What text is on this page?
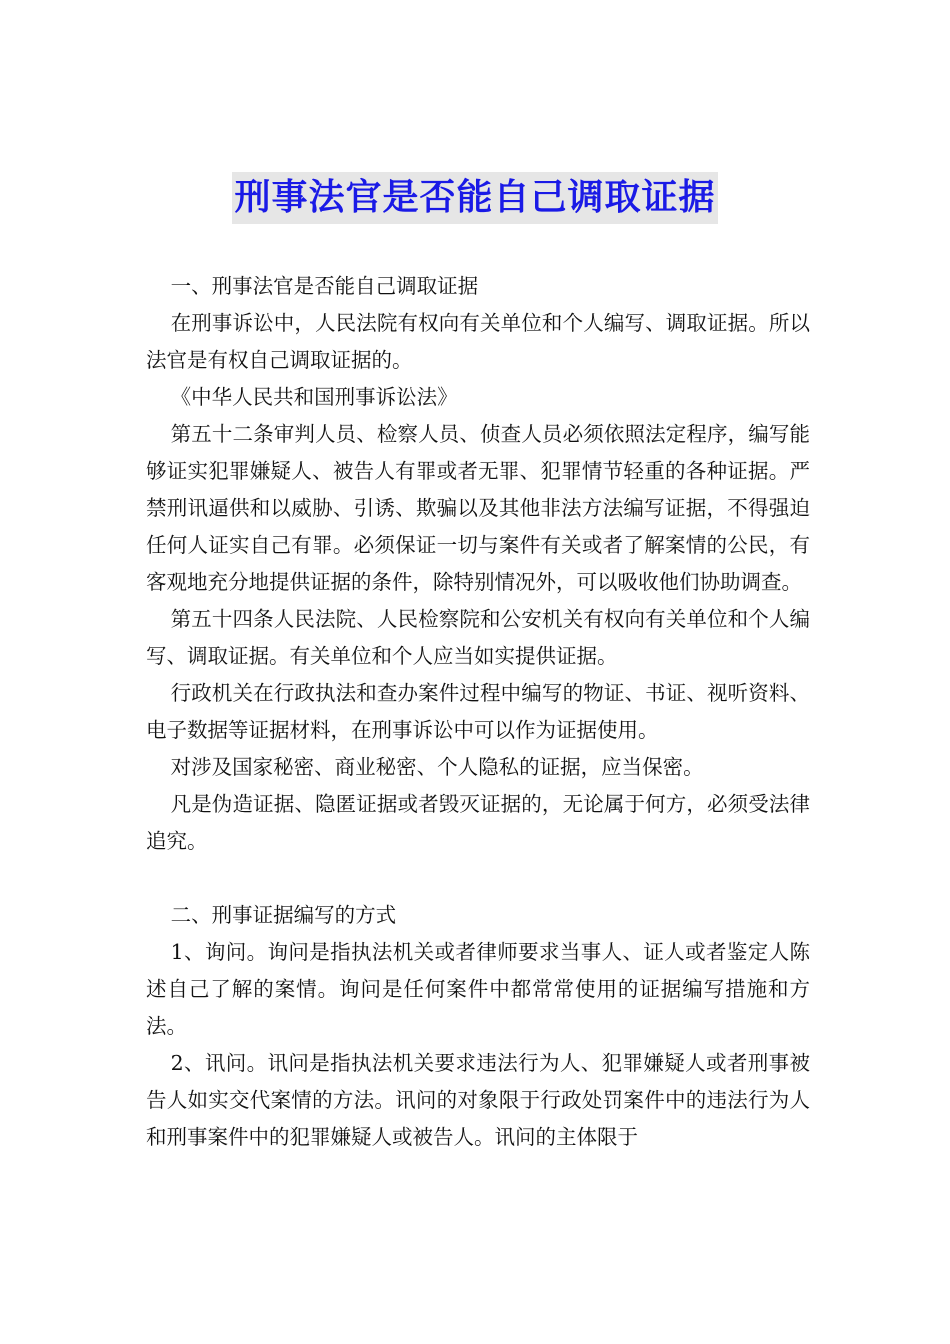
刑事法官是否能自己调取证据

一、刑事法官是否能自己调取证据

在刑事诉讼中，人民法院有权向有关单位和个人编写、调取证据。所以法官是有权自己调取证据的。

《中华人民共和国刑事诉讼法》

第五十二条审判人员、检察人员、侦查人员必须依照法定程序，编写能够证实犯罪嫌疑人、被告人有罪或者无罪、犯罪情节轻重的各种证据。严禁刑讯逼供和以威胁、引诱、欺骗以及其他非法方法编写证据，不得强迫任何人证实自己有罪。必须保证一切与案件有关或者了解案情的公民，有客观地充分地提供证据的条件，除特别情况外，可以吸收他们协助调查。

第五十四条人民法院、人民检察院和公安机关有权向有关单位和个人编写、调取证据。有关单位和个人应当如实提供证据。

行政机关在行政执法和查办案件过程中编写的物证、书证、视听资料、电子数据等证据材料，在刑事诉讼中可以作为证据使用。

对涉及国家秘密、商业秘密、个人隐私的证据，应当保密。

凡是伪造证据、隐匿证据或者毁灭证据的，无论属于何方，必须受法律追究。

二、刑事证据编写的方式

1、询问。询问是指执法机关或者律师要求当事人、证人或者鉴定人陈述自己了解的案情。询问是任何案件中都常常使用的证据编写措施和方法。

2、讯问。讯问是指执法机关要求违法行为人、犯罪嫌疑人或者刑事被告人如实交代案情的方法。讯问的对象限于行政处罚案件中的违法行为人和刑事案件中的犯罪嫌疑人或被告人。讯问的主体限于
